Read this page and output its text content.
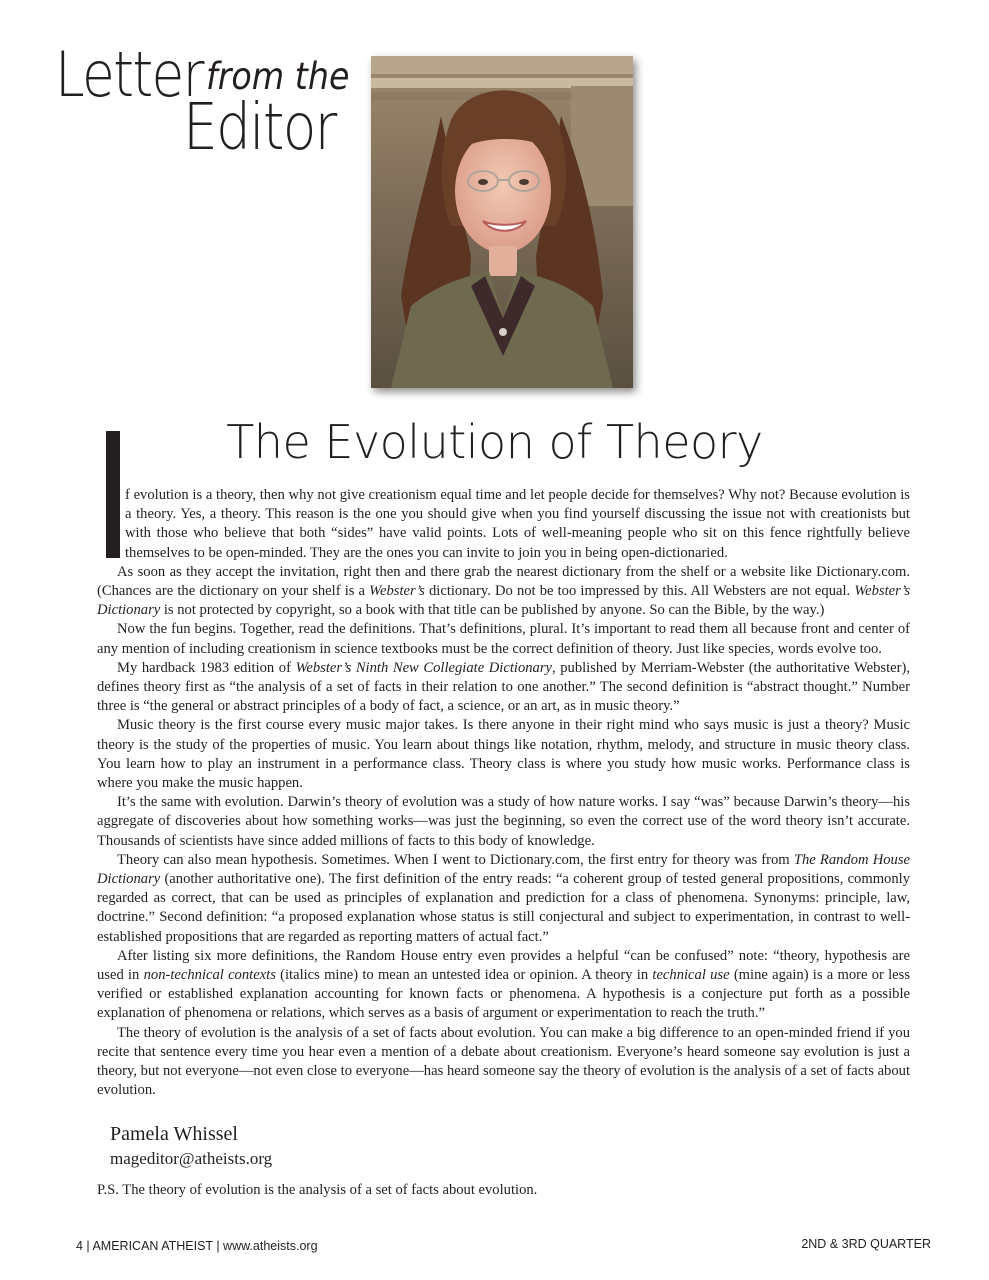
Letter from the
Editor
The Evolution of Theory

f evolution is a theory, then why not give creationism equal time and let people decide for themselves? Why not? Because evolution is a theory. Yes, a theory. This reason is the one you should give when you find yourself discussing the issue not with creationists but with those who believe that both “sides” have valid points. Lots of well-meaning people who sit on this fence rightfully believe themselves to be open-minded. They are the ones you can invite to join you in being open-dictionaried.

As soon as they accept the invitation, right then and there grab the nearest dictionary from the shelf or a website like Dictionary.com. (Chances are the dictionary on your shelf is a Webster’s dictionary. Do not be too impressed by this. All Websters are not equal. Webster’s Dictionary is not protected by copyright, so a book with that title can be published by anyone. So can the Bible, by the way.)

Now the fun begins. Together, read the definitions. That’s definitions, plural. It’s important to read them all because front and center of any mention of including creationism in science textbooks must be the correct definition of theory. Just like species, words evolve too.

My hardback 1983 edition of Webster’s Ninth New Collegiate Dictionary, published by Merriam-Webster (the authoritative Webster), defines theory first as “the analysis of a set of facts in their relation to one another.” The second definition is “abstract thought.” Number three is “the general or abstract principles of a body of fact, a science, or an art, as in music theory.”

Music theory is the first course every music major takes. Is there anyone in their right mind who says music is just a theory? Music theory is the study of the properties of music. You learn about things like notation, rhythm, melody, and structure in music theory class. You learn how to play an instrument in a performance class. Theory class is where you study how music works. Performance class is where you make the music happen.

It’s the same with evolution. Darwin’s theory of evolution was a study of how nature works. I say “was” because Darwin’s theory—his aggregate of discoveries about how something works—was just the beginning, so even the correct use of the word theory isn’t accurate. Thousands of scientists have since added millions of facts to this body of knowledge.

Theory can also mean hypothesis. Sometimes. When I went to Dictionary.com, the first entry for theory was from The Random House Dictionary (another authoritative one). The first definition of the entry reads: “a coherent group of tested general propositions, commonly regarded as correct, that can be used as principles of explanation and prediction for a class of phenomena. Synonyms: principle, law, doctrine.” Second definition: “a proposed explanation whose status is still conjectural and subject to experimentation, in contrast to well-established propositions that are regarded as reporting matters of actual fact.”

After listing six more definitions, the Random House entry even provides a helpful “can be confused” note: “theory, hypothesis are used in non-technical contexts (italics mine) to mean an untested idea or opinion. A theory in technical use (mine again) is a more or less verified or established explanation accounting for known facts or phenomena. A hypothesis is a conjecture put forth as a possible explanation of phenomena or relations, which serves as a basis of argument or experimentation to reach the truth.”

The theory of evolution is the analysis of a set of facts about evolution. You can make a big difference to an open-minded friend if you recite that sentence every time you hear even a mention of a debate about creationism. Everyone’s heard someone say evolution is just a theory, but not everyone—not even close to everyone—has heard someone say the theory of evolution is the analysis of a set of facts about evolution.

Pamela Whissel
mageditor@atheists.org
P.S. The theory of evolution is the analysis of a set of facts about evolution.
4 | AMERICAN ATHEIST | www.atheists.org	2ND & 3RD QUARTER
